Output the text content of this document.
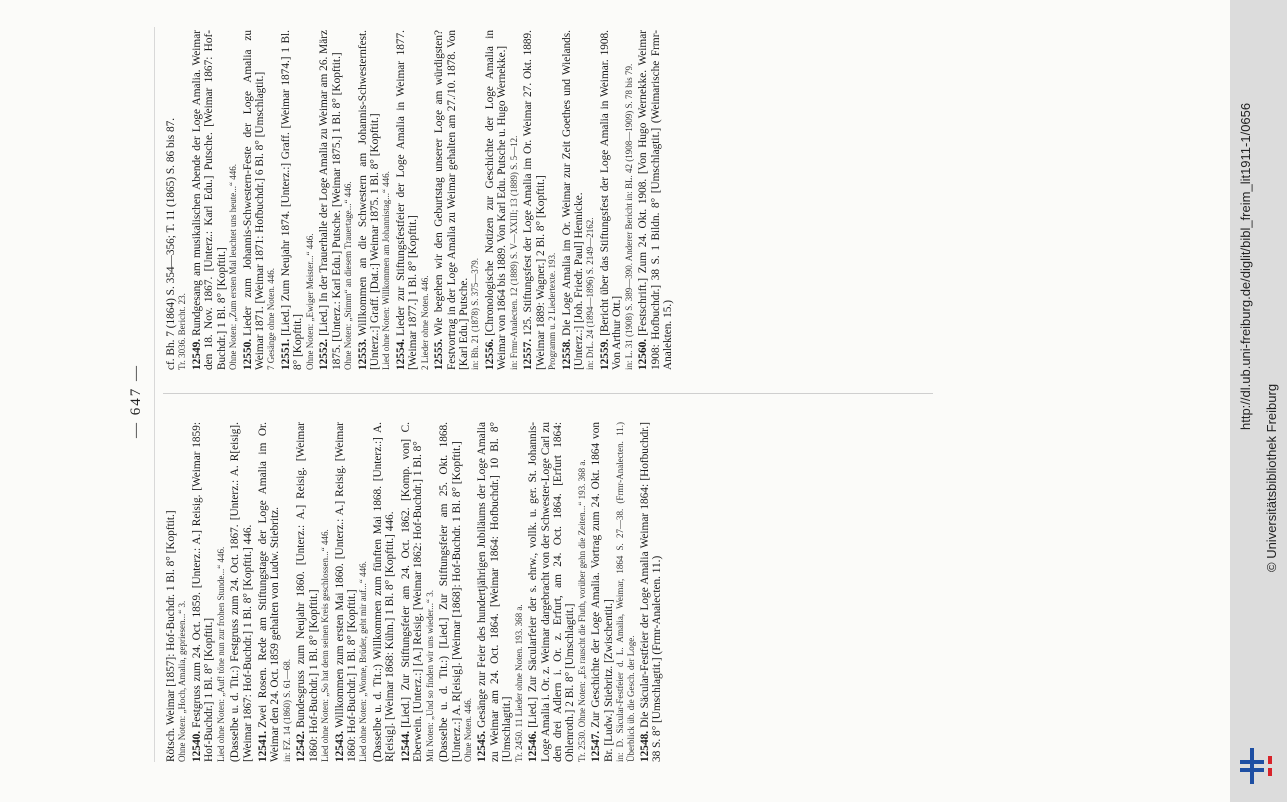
— 647 —
Rötsch. Weimar [1857]: Hof-Buchdr. 1 Bl. 8° [Kopftit.] Ohne Noten: „Hoch, Amalia, gepriesen...“ 3. 12540.Festgruss zum 24. Oct. 1859. [Unterz.: A.] Reisig. [Weimar 1859: Hof-Buchdr.] 1 Bl. 8° [Kopftit.] Lied ohne Noten: „Auf! töne nun zur frohen Stunde...“ 446. (Dasselbe u. d. Tit.:) Festgruss zum 24. Oct. 1867. [Unterz.: A. R[eisig]. [Weimar 1867: Hof-Buchdr.] 1 Bl. 8° [Kopftit.] 446. 12541.Zwei Rosen. Rede am Stiftungstage der Loge Amalia im Or. Weimar den 24. Oct. 1859 gehalten von Ludw. Stiebritz. in: FZ. 14 (1860) S. 61—68. 12542.Bundesgruss zum Neujahr 1860. [Unterz.: A.] Reisig. [Weimar 1860: Hof-Buchdr.] 1 Bl. 8° [Kopftit.] Lied ohne Noten: „So hat denn seinen Kreis geschlossen...“ 446. 12543.Willkommen zum ersten Mai 1860. [Unterz.: A.] Reisig. [Weimar 1860: Hof-Buchdr.] 1 Bl. 8° [Kopftit.] Lied ohne Noten: „Wonne, Brüder, geht mir auf...“ 446. (Dasselbe u. d. Tit.:) Willkommen zum fünften Mai 1868. [Unterz.:] A. R[eisig]. [Weimar 1868: Kühn.] 1 Bl. 8° [Kopftit.] 446. 12544.[Lied.] Zur Stiftungsfeier am 24. Oct. 1862. [Komp. von] C. Eberwein. [Unterz.:] [A.] Reisig. [Weimar 1862: Hof-Buchdr.] 1 Bl. 8° Mit Noten: „Und so finden wir uns wieder...“ 3. (Dasselbe u. d. Tit.:) [Lied.] Zur Stiftungsfeier am 25. Okt. 1868. [Unterz.:] A. R[eisig]. [Weimar [1868]: Hof-Buchdr. 1 Bl. 8° [Kopftit.] Ohne Noten. 446. 12545.Gesänge zur Feier des hundertjährigen Jubiläums der Loge Amalia zu Weimar am 24. Oct. 1864. [Weimar 1864: Hofbuchdr.] 10 Bl. 8° [Umschlagtit.] Tr. 2450. 11 Lieder ohne Noten. 193. 368 a. 12546.[Lied.] Zur Säcularfeier der s. ehrw., vollk. u. ger. St. Johannis-Loge Amalia i. Or. z. Weimar dargebracht von der Schwester-Loge Carl zu den drei Adlern i. Or. z. Erfurt, am 24. Oct. 1864. [Erfurt 1864: Ohlenroth.] 2 Bl. 8° [Umschlagtit.] Tr. 2530. Ohne Noten: „Es rauscht die Fluth, vorüber gehn die Zeiten...“ 193. 368 a. 12547.Zur Geschichte der Loge Amalia. Vortrag zum 24. Okt. 1864 von Br. [Ludw.] Stiebritz. [Zwischentit.] in: D. Säcular-Festfeier d. L. Amalia, Weimar, 1864 S. 27—38. (Frmr-Analecten. 11.) Überblick üb. die Gesch. der Loge. 12548.Die Säcular-Festfeier der Loge Amalia Weimar 1864: [Hofbuchdr.] 38 S. 8° [Umschlagtit.] (Frmr-Analecten. 11.)
cf. Bh. 7 (1864) S. 354—356; T. 11 (1865) S. 86 bis 87. Tr. 3036. Bericht. 23. 12549.Rundgesang am musikalischen Abende der Loge Amalia. Weimar den 18. Nov. 1867. [Unterz.: Karl Edu.] Putsche. [Weimar 1867: Hof-Buchdr.] 1 Bl. 8° [Kopftit.] Ohne Noten: „Zum ersten Mal leuchtet uns heute...“ 446. 12550.Lieder zum Johannis-Schwestern-Feste der Loge Amalia zu Weimar 1871. [Weimar 1871: Hofbuchdr.] 6 Bl. 8° [Umschlagtit.] 7 Gesänge ohne Noten. 446. 12551.[Lied.] Zum Neujahr 1874. [Unterz.:] Graff. [Weimar 1874.] 1 Bl. 8° [Kopftit.] Ohne Noten: „Ewiger Meister...“ 446. 12552.[Lied.] In der Trauerhalle der Loge Amalia zu Weimar am 26. März 1875. [Unterz.: Karl Edu.] Putsche. [Weimar 1875.] 1 Bl. 8° [Kopftit.] Ohne Noten: „Stimm“ an diesem Trauertage...“ 446. 12553.Willkommen an die Schwestern am Johannis-Schwesternfest. [Unterz.:] Graff. [Dat.:] Weimar 1875. 1 Bl. 8° [Kopftit.] Lied ohne Noten: Willkommen am Johannistag...“ 446. 12554.Lieder zur Stiftungsfestfeier der Loge Amalia in Weimar 1877. [Weimar 1877.] 1 Bl. 8° [Kopftit.] 2 Lieder ohne Noten. 446. 12555.Wie begehen wir den Geburtstag unserer Loge am würdigsten? Festvortrag in der Loge Amalia zu Weimar gehalten am 27./10. 1878. Von [Karl Edu.] Putsche. in: Bh. 21 (1878) S. 375—379. 12556.[Chronologische Notizen zur Geschichte der Loge Amalia in Weimar von 1864 bis 1889. Von Karl Edu. Putsche u. Hugo Wernekke.] in: Frmr-Analecten. 12 (1889) S. V—XXIII; 13 (1889) S. 5—12. 12557.125. Stiftungsfest der Loge Amalia im Or. Weimar 27. Okt. 1889. [Weimar 1889: Wagner.] 2 Bl. 8° [Kopftit.] Programm u. 2 Liedertexte. 193. 12558.Die Loge Amalia im Or. Weimar zur Zeit Goethes und Wielands. [Unterz.:] [Joh. Friedr. Paul] Hennicke. in: DrL. 24 (1894—1896) S. 2149—2162. 12559.[Bericht über das Stiftungsfest der Loge Amalia in Weimar. 1908. Von Arthur Ott.] in: L. 31 (1908) S. 389—390. Anderer Bericht in: BL. 42 (1908—1909) S. 78 bis 79. 12560.[Festschrift.] Zum 24. Okt. 1908. [Von Hugo Wernekke. Weimar 1908: Hofbuchdr.] 38 S. 1 Bildn. 8° [Umschlagtit.] (Weimarische Frmr-Analekten. 15.)	http://dl.ub.uni-freiburg.de/diglit/bibl_freim_lit1911-1/0656
© Universitätsbibliothek Freiburg
